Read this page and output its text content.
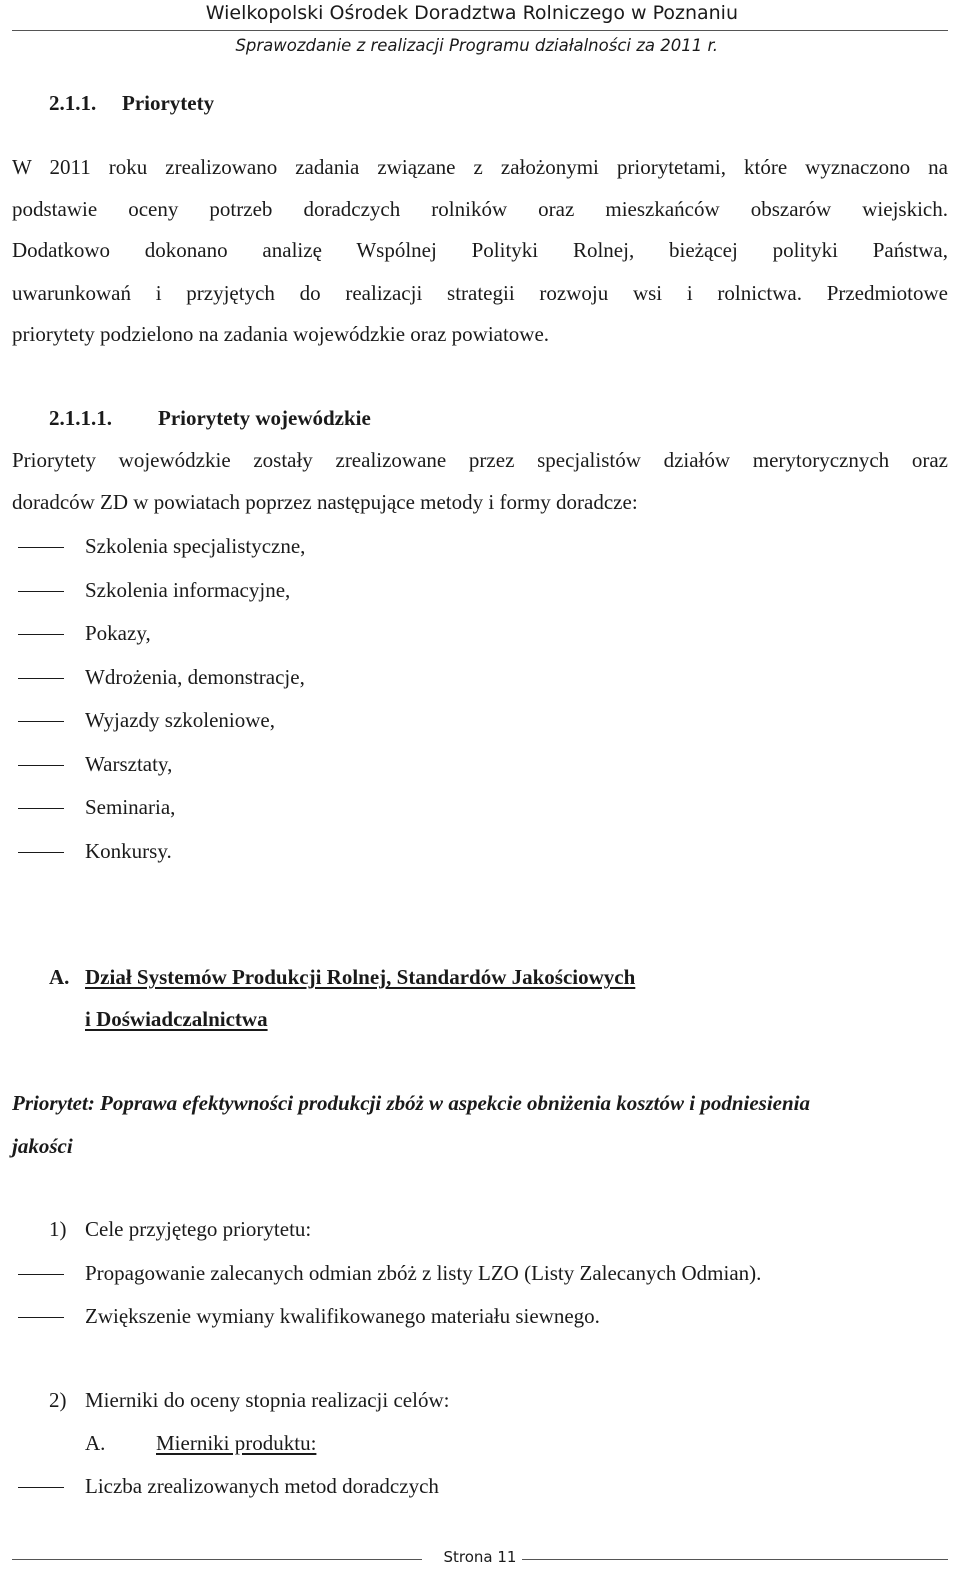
Wielkopolski Ośrodek Doradztwa Rolniczego w Poznaniu
Sprawozdanie z realizacji Programu działalności za 2011 r.
2.1.1. Priorytety
W 2011 roku zrealizowano zadania związane z założonymi priorytetami, które wyznaczono na
podstawie oceny potrzeb doradczych rolników oraz mieszkańców obszarów wiejskich.
Dodatkowo dokonano analizę Wspólnej Polityki Rolnej, bieżącej polityki Państwa,
uwarunkowań i przyjętych do realizacji strategii rozwoju wsi i rolnictwa. Przedmiotowe
priorytety podzielono na zadania wojewódzkie oraz powiatowe.
2.1.1.1. Priorytety wojewódzkie
Priorytety wojewódzkie zostały zrealizowane przez specjalistów działów merytorycznych oraz
doradców ZD w powiatach poprzez następujące metody i formy doradcze:
Szkolenia specjalistyczne,
Szkolenia informacyjne,
Pokazy,
Wdrożenia, demonstracje,
Wyjazdy szkoleniowe,
Warsztaty,
Seminaria,
Konkursy.
A. Dział Systemów Produkcji Rolnej, Standardów Jakościowych
i Doświadczalnictwa
Priorytet: Poprawa efektywności produkcji zbóż w aspekcie obniżenia kosztów i podniesienia
jakości
1) Cele przyjętego priorytetu:
Propagowanie zalecanych odmian zbóż z listy LZO (Listy Zalecanych Odmian).
Zwiększenie wymiany kwalifikowanego materiału siewnego.
2) Mierniki do oceny stopnia realizacji celów:
A. Mierniki produktu:
Liczba zrealizowanych metod doradczych
Strona 11
